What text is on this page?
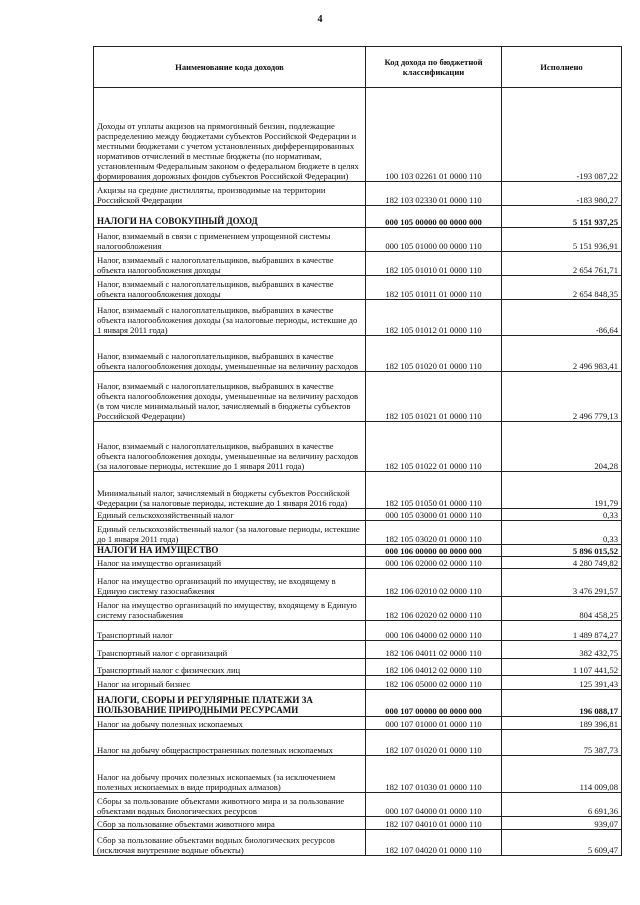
4
Наименование кода доходов	Код дохода по бюджетной классификации	Исполнено
Доходы от уплаты акцизов на прямогонный бензин, подлежащие распределению между бюджетами субъектов Российской Федерации и местными бюджетами с учетом установленных дифференцированных нормативов отчислений в местные бюджеты (по нормативам, установленным Федеральным законом о федеральном бюджете в целях формирования дорожных фондов субъектов Российской Федерации)	100 103 02261 01 0000 110	-193 087,22
Акцизы на средние дистилляты, производимые на территории Российской Федерации	182 103 02330 01 0000 110	-183 980,27
НАЛОГИ НА СОВОКУПНЫЙ ДОХОД	000 105 00000 00 0000 000	5 151 937,25
Налог, взимаемый в связи с применением упрощенной системы налогообложения	000 105 01000 00 0000 110	5 151 936,91
Налог, взимаемый с налогоплательщиков, выбравших в качестве объекта налогообложения доходы	182 105 01010 01 0000 110	2 654 761,71
Налог, взимаемый с налогоплательщиков, выбравших в качестве объекта налогообложения доходы	182 105 01011 01 0000 110	2 654 848,35
Налог, взимаемый с налогоплательщиков, выбравших в качестве объекта налогообложения доходы (за налоговые периоды, истекшие до 1 января 2011 года)	182 105 01012 01 0000 110	-86,64
Налог, взимаемый с налогоплательщиков, выбравших в качестве объекта налогообложения доходы, уменьшенные на величину расходов	182 105 01020 01 0000 110	2 496 983,41
Налог, взимаемый с налогоплательщиков, выбравших в качестве объекта налогообложения доходы, уменьшенные на величину расходов (в том числе минимальный налог, зачисляемый в бюджеты субъектов Российской Федерации)	182 105 01021 01 0000 110	2 496 779,13
Налог, взимаемый с налогоплательщиков, выбравших в качестве объекта налогообложения доходы, уменьшенные на величину расходов (за налоговые периоды, истекшие до 1 января 2011 года)	182 105 01022 01 0000 110	204,28
Минимальный налог, зачисляемый в бюджеты субъектов Российской Федерации (за налоговые периоды, истекшие до 1 января 2016 года)	182 105 01050 01 0000 110	191,79
Единый сельскохозяйственный налог	000 105 03000 01 0000 110	0,33
Единый сельскохозяйственный налог (за налоговые периоды, истекшие до 1 января 2011 года)	182 105 03020 01 0000 110	0,33
НАЛОГИ НА ИМУЩЕСТВО	000 106 00000 00 0000 000	5 896 015,52
Налог на имущество организаций	000 106 02000 02 0000 110	4 280 749,82
Налог на имущество организаций по имуществу, не входящему в Единую систему газоснабжения	182 106 02010 02 0000 110	3 476 291,57
Налог на имущество организаций по имуществу, входящему в Единую систему газоснабжения	182 106 02020 02 0000 110	804 458,25
Транспортный налог	000 106 04000 02 0000 110	1 489 874,27
Транспортный налог с организаций	182 106 04011 02 0000 110	382 432,75
Транспортный налог с физических лиц	182 106 04012 02 0000 110	1 107 441,52
Налог на игорный бизнес	182 106 05000 02 0000 110	125 391,43
НАЛОГИ, СБОРЫ И РЕГУЛЯРНЫЕ ПЛАТЕЖИ ЗА ПОЛЬЗОВАНИЕ ПРИРОДНЫМИ РЕСУРСАМИ	000 107 00000 00 0000 000	196 088,17
Налог на добычу полезных ископаемых	000 107 01000 01 0000 110	189 396,81
Налог на добычу общераспространенных полезных ископаемых	182 107 01020 01 0000 110	75 387,73
Налог на добычу прочих полезных ископаемых (за исключением полезных ископаемых в виде природных алмазов)	182 107 01030 01 0000 110	114 009,08
Сборы за пользование объектами животного мира и за пользование объектами водных биологических ресурсов	000 107 04000 01 0000 110	6 691,36
Сбор за пользование объектами животного мира	182 107 04010 01 0000 110	939,07
Сбор за пользование объектами водных биологических ресурсов (исключая внутренние водные объекты)	182 107 04020 01 0000 110	5 609,47
